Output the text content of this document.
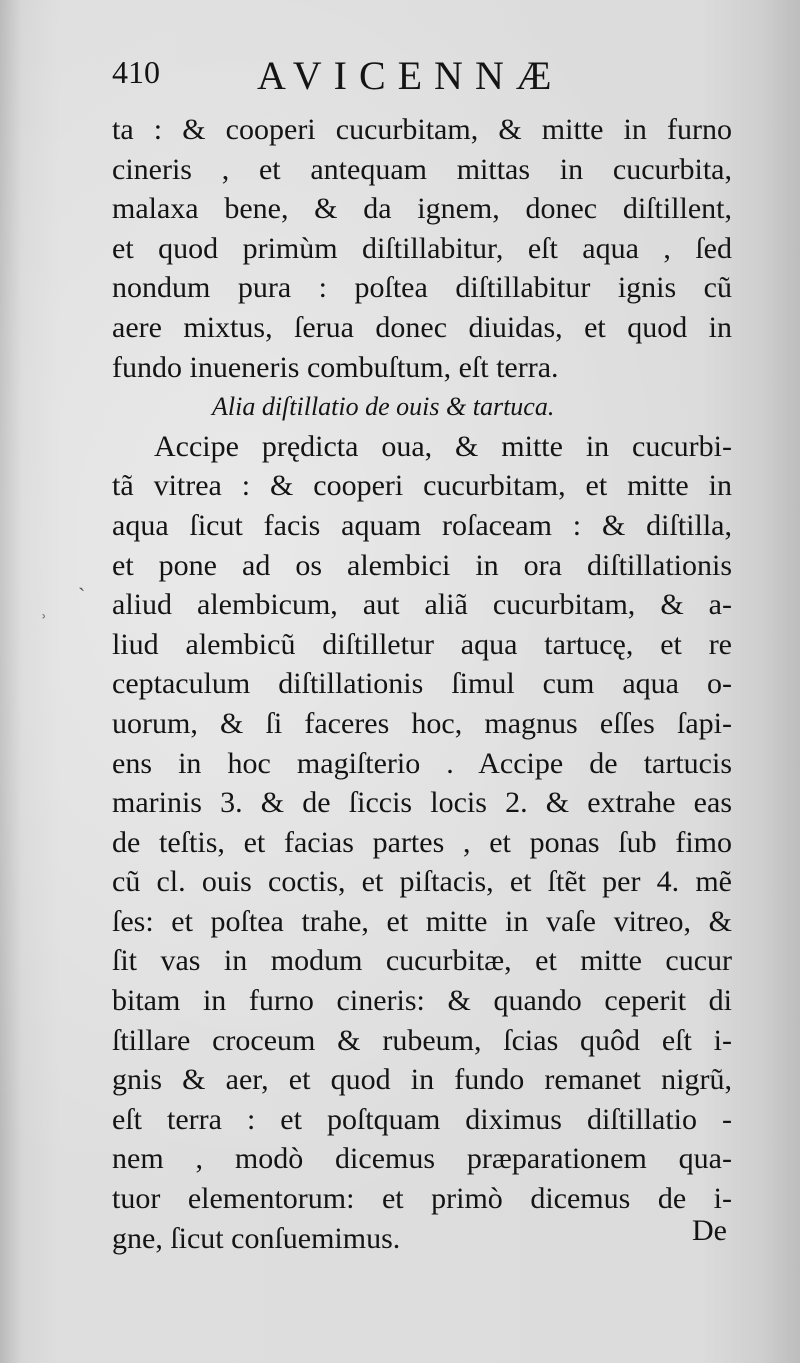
410 AVICENNÆ
ta : & cooperi cucurbitam, & mitte in furno
cineris , et antequam mittas in cucurbita,
malaxa bene, & da ignem, donec diſtillent,
et quod primùm diſtillabitur, eſt aqua , ſed
nondum pura : poſtea diſtillabitur ignis cũ
aere mixtus, ſerua donec diuidas, et quod in
fundo inueneris combuſtum, eſt terra.
Alia diſtillatio de ouis & tartuca.
Accipe prędicta oua, & mitte in cucurbi-
tã vitrea : & cooperi cucurbitam, et mitte in
aqua ſicut facis aquam roſaceam : & diſtilla,
et pone ad os alembici in ora diſtillationis
aliud alembicum, aut aliã cucurbitam, & a-
liud alembicũ diſtilletur aqua tartucę, et re
ceptaculum diſtillationis ſimul cum aqua o-
uorum, & ſi faceres hoc, magnus eſſes ſapi-
ens in hoc magiſterio . Accipe de tartucis
marinis 3. & de ſiccis locis 2. & extrahe eas
de teſtis, et facias partes , et ponas ſub fimo
cũ cl. ouis coctis, et piſtacis, et ſtẽt per 4. mẽ
ſes: et poſtea trahe, et mitte in vaſe vitreo, &
ſit vas in modum cucurbitæ, et mitte cucur
bitam in furno cineris: & quando ceperit di
ſtillare croceum & rubeum, ſcias quôd eſt i-
gnis & aer, et quod in fundo remanet nigrũ,
eſt terra : et poſtquam diximus diſtillatio -
nem , modò dicemus præparationem qua-
tuor elementorum: et primò dicemus de i-
gne, ſicut conſuemimus.	De
ˏ
ʾ
